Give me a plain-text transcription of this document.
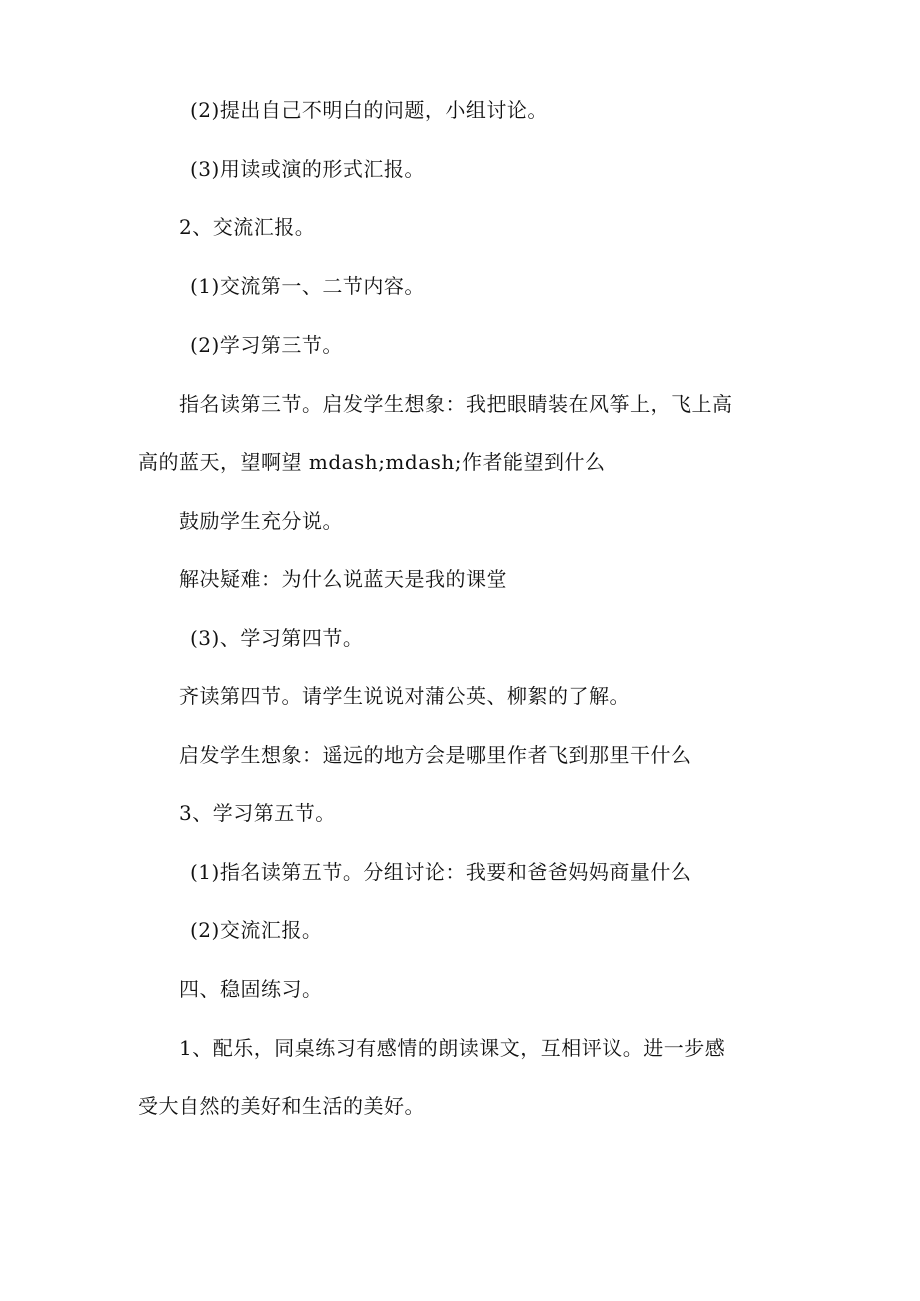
(2)提出自己不明白的问题，小组讨论。
(3)用读或演的形式汇报。
2、交流汇报。
(1)交流第一、二节内容。
(2)学习第三节。
指名读第三节。启发学生想象：我把眼睛装在风筝上，飞上高
高的蓝天，望啊望 mdash;mdash;作者能望到什么
鼓励学生充分说。
解决疑难：为什么说蓝天是我的课堂
(3)、学习第四节。
齐读第四节。请学生说说对蒲公英、柳絮的了解。
启发学生想象：遥远的地方会是哪里作者飞到那里干什么
3、学习第五节。
(1)指名读第五节。分组讨论：我要和爸爸妈妈商量什么
(2)交流汇报。
四、稳固练习。
1、配乐，同桌练习有感情的朗读课文，互相评议。进一步感
受大自然的美好和生活的美好。
